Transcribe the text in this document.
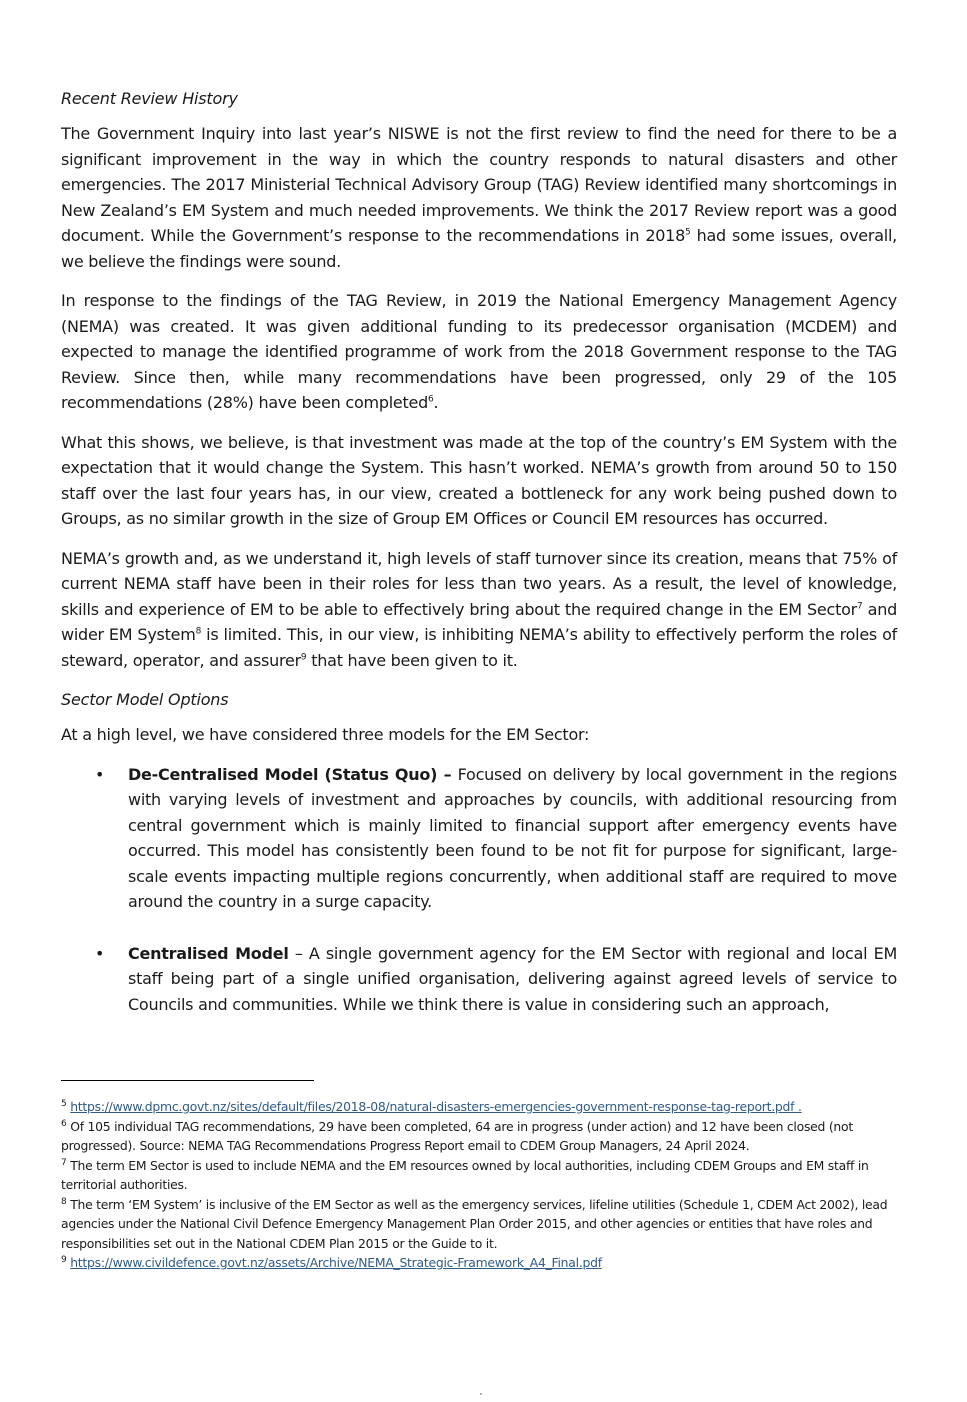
Recent Review History

The Government Inquiry into last year’s NISWE is not the first review to find the need for there to be a significant improvement in the way in which the country responds to natural disasters and other emergencies. The 2017 Ministerial Technical Advisory Group (TAG) Review identified many shortcomings in New Zealand’s EM System and much needed improvements. We think the 2017 Review report was a good document. While the Government’s response to the recommendations in 2018$^5$ had some issues, overall, we believe the findings were sound.

In response to the findings of the TAG Review, in 2019 the National Emergency Management Agency (NEMA) was created. It was given additional funding to its predecessor organisation (MCDEM) and expected to manage the identified programme of work from the 2018 Government response to the TAG Review. Since then, while many recommendations have been progressed, only 29 of the 105 recommendations (28%) have been completed$^6$.

What this shows, we believe, is that investment was made at the top of the country’s EM System with the expectation that it would change the System. This hasn’t worked. NEMA’s growth from around 50 to 150 staff over the last four years has, in our view, created a bottleneck for any work being pushed down to Groups, as no similar growth in the size of Group EM Offices or Council EM resources has occurred.

NEMA’s growth and, as we understand it, high levels of staff turnover since its creation, means that 75% of current NEMA staff have been in their roles for less than two years. As a result, the level of knowledge, skills and experience of EM to be able to effectively bring about the required change in the EM Sector$^7$ and wider EM System$^8$ is limited. This, in our view, is inhibiting NEMA’s ability to effectively perform the roles of steward, operator, and assurer$^9$ that have been given to it.

Sector Model Options

At a high level, we have considered three models for the EM Sector:

• De-Centralised Model (Status Quo) – Focused on delivery by local government in the regions with varying levels of investment and approaches by councils, with additional resourcing from central government which is mainly limited to financial support after emergency events have occurred. This model has consistently been found to be not fit for purpose for significant, large-scale events impacting multiple regions concurrently, when additional staff are required to move around the country in a surge capacity.
• Centralised Model – A single government agency for the EM Sector with regional and local EM staff being part of a single unified organisation, delivering against agreed levels of service to Councils and communities. While we think there is value in considering such an approach,

$^5$ https://www.dpmc.govt.nz/sites/default/files/2018-08/natural-disasters-emergencies-government-response-tag-report.pdf .

$^6$ Of 105 individual TAG recommendations, 29 have been completed, 64 are in progress (under action) and 12 have been closed (not progressed). Source: NEMA TAG Recommendations Progress Report email to CDEM Group Managers, 24 April 2024.

$^7$ The term EM Sector is used to include NEMA and the EM resources owned by local authorities, including CDEM Groups and EM staff in territorial authorities.

$^8$ The term ‘EM System’ is inclusive of the EM Sector as well as the emergency services, lifeline utilities (Schedule 1, CDEM Act 2002), lead agencies under the National Civil Defence Emergency Management Plan Order 2015, and other agencies or entities that have roles and responsibilities set out in the National CDEM Plan 2015 or the Guide to it.

$^9$ https://www.civildefence.govt.nz/assets/Archive/NEMA_Strategic-Framework_A4_Final.pdf
